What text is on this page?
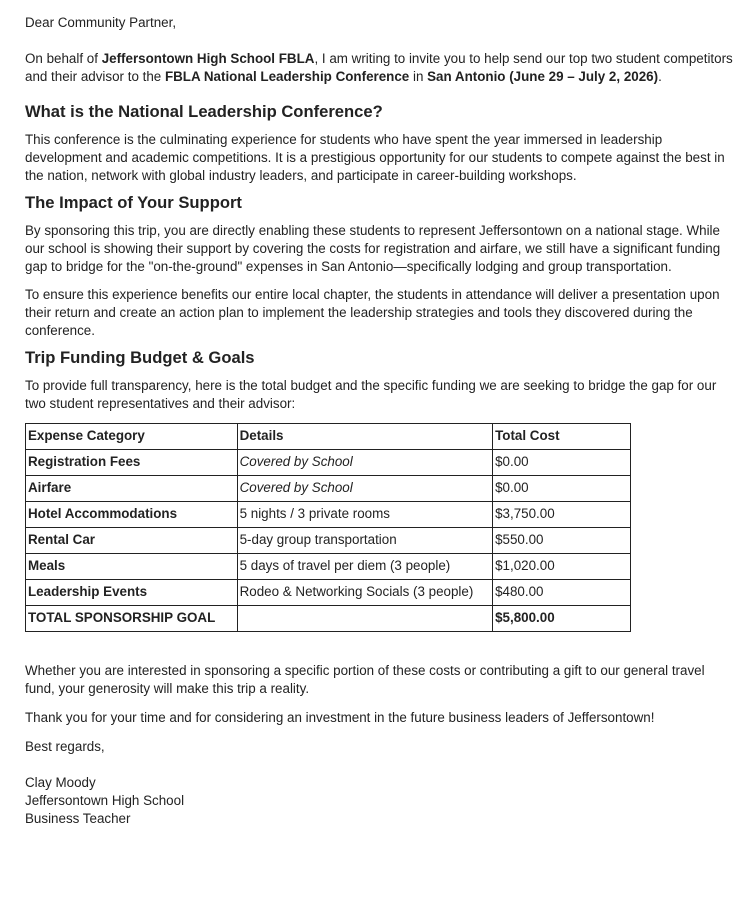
Dear Community Partner,

On behalf of Jeffersontown High School FBLA, I am writing to invite you to help send our top two student competitors and their advisor to the FBLA National Leadership Conference in San Antonio (June 29 – July 2, 2026).

What is the National Leadership Conference?

This conference is the culminating experience for students who have spent the year immersed in leadership development and academic competitions. It is a prestigious opportunity for our students to compete against the best in the nation, network with global industry leaders, and participate in career-building workshops.

The Impact of Your Support

By sponsoring this trip, you are directly enabling these students to represent Jeffersontown on a national stage. While our school is showing their support by covering the costs for registration and airfare, we still have a significant funding gap to bridge for the "on-the-ground" expenses in San Antonio—specifically lodging and group transportation.

To ensure this experience benefits our entire local chapter, the students in attendance will deliver a presentation upon their return and create an action plan to implement the leadership strategies and tools they discovered during the conference.

Trip Funding Budget & Goals

To provide full transparency, here is the total budget and the specific funding we are seeking to bridge the gap for our two student representatives and their advisor:

Expense Category	Details	Total Cost
Registration Fees	Covered by School	$0.00
Airfare	Covered by School	$0.00
Hotel Accommodations	5 nights / 3 private rooms	$3,750.00
Rental Car	5-day group transportation	$550.00
Meals	5 days of travel per diem (3 people)	$1,020.00
Leadership Events	Rodeo & Networking Socials (3 people)	$480.00
TOTAL SPONSORSHIP GOAL		$5,800.00

Whether you are interested in sponsoring a specific portion of these costs or contributing a gift to our general travel fund, your generosity will make this trip a reality.

Thank you for your time and for considering an investment in the future business leaders of Jeffersontown!

Best regards,

Clay Moody
Jeffersontown High School
Business Teacher
